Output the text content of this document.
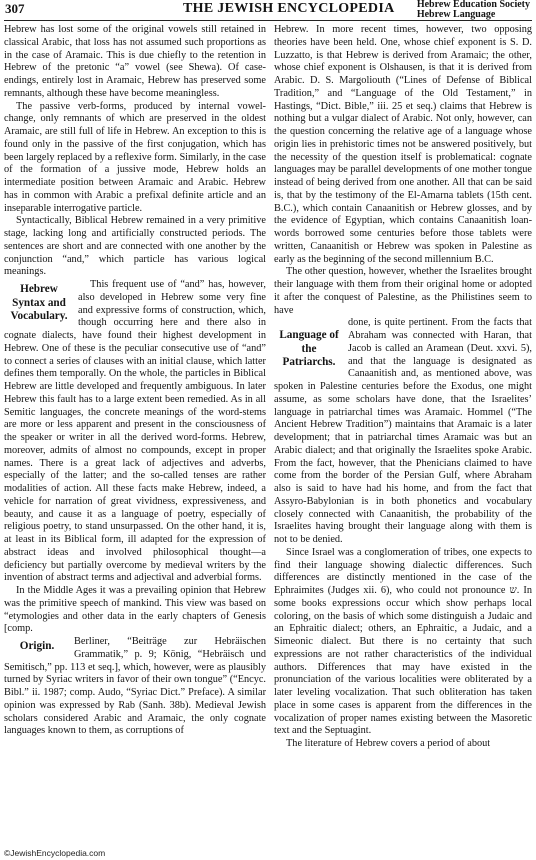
307	THE JEWISH ENCYCLOPEDIA Hebrew Education Society
Hebrew Language

Hebrew has lost some of the original vowels still retained in classical Arabic, that loss has not assumed such proportions as in the case of Aramaic. This is due chiefly to the retention in Hebrew of the pretonic “a” vowel (see Shewa). Of case-endings, entirely lost in Aramaic, Hebrew has preserved some remnants, although these have become meaningless.

The passive verb-forms, produced by internal vowel-change, only remnants of which are preserved in the oldest Aramaic, are still full of life in Hebrew. An exception to this is found only in the passive of the first conjugation, which has been largely replaced by a reflexive form. Similarly, in the case of the formation of a jussive mode, Hebrew holds an intermediate position between Aramaic and Arabic. Hebrew has in common with Arabic a prefixal definite article and an inseparable interrogative particle.

Syntactically, Biblical Hebrew remained in a very primitive stage, lacking long and artificially constructed periods. The sentences are short and are connected with one another by the conjunction “and,” which particle has various logical meanings.

Hebrew Syntax and Vocabulary.

This frequent use of “and” has, however, also developed in Hebrew some very fine and expressive forms of construction, which, though occurring here and there also in cognate dialects, have found their highest development in Hebrew. One of these is the peculiar consecutive use of “and” to connect a series of clauses with an initial clause, which latter defines them temporally. On the whole, the particles in Biblical Hebrew are little developed and frequently ambiguous. In later Hebrew this fault has to a large extent been remedied. As in all Semitic languages, the concrete meanings of the word-stems are more or less apparent and present in the consciousness of the speaker or writer in all the derived word-forms. Hebrew, moreover, admits of almost no compounds, except in proper names. There is a great lack of adjectives and adverbs, especially of the latter; and the so-called tenses are rather modalities of action. All these facts make Hebrew, indeed, a vehicle for narration of great vividness, expressiveness, and beauty, and cause it as a language of poetry, especially of religious poetry, to stand unsurpassed. On the other hand, it is, at least in its Biblical form, ill adapted for the expression of abstract ideas and involved philosophical thought—a deficiency but partially overcome by medieval writers by the invention of abstract terms and adjectival and adverbial forms.

In the Middle Ages it was a prevailing opinion that Hebrew was the primitive speech of mankind. This view was based on “etymologies and other data in the early chapters of Genesis [comp.

Origin.	Berliner, “Beiträge zur Hebräischen Grammatik,” p. 9; König, “Hebräisch und Semitisch,” pp. 113 et seq.], which, however, were as plausibly turned by Syriac writers in favor of their own tongue” (“Encyc. Bibl.” ii. 1987; comp. Audo, “Syriac Dict.” Preface). A similar opinion was expressed by Rab (Sanh. 38b). Medieval Jewish scholars considered Arabic and Aramaic, the only cognate languages known to them, as corruptions of

Hebrew. In more recent times, however, two opposing theories have been held. One, whose chief exponent is S. D. Luzzatto, is that Hebrew is derived from Aramaic; the other, whose chief exponent is Olshausen, is that it is derived from Arabic. D. S. Margoliouth (“Lines of Defense of Biblical Tradition,” and “Language of the Old Testament,” in Hastings, “Dict. Bible,” iii. 25 et seq.) claims that Hebrew is nothing but a vulgar dialect of Arabic. Not only, however, can the question concerning the relative age of a language whose origin lies in prehistoric times not be answered positively, but the necessity of the question itself is problematical: cognate languages may be parallel developments of one mother tongue instead of being derived from one another. All that can be said is, that by the testimony of the El-Amarna tablets (15th cent. B.C.), which contain Canaanitish or Hebrew glosses, and by the evidence of Egyptian, which contains Canaanitish loan-words borrowed some centuries before those tablets were written, Canaanitish or Hebrew was spoken in Palestine as early as the beginning of the second millennium B.C.

The other question, however, whether the Israelites brought their language with them from their original home or adopted it after the conquest of Palestine, as the Philistines seem to have

Language of the Patriarchs.

done, is quite pertinent. From the facts that Abraham was connected with Haran, that Jacob is called an Aramean (Deut. xxvi. 5), and that the language is designated as Canaanitish and, as mentioned above, was spoken in Palestine centuries before the Exodus, one might assume, as some scholars have done, that the Israelites’ language in patriarchal times was Aramaic. Hommel (“The Ancient Hebrew Tradition”) maintains that Aramaic is a later development; that in patriarchal times Aramaic was but an Arabic dialect; and that originally the Israelites spoke Arabic. From the fact, however, that the Phenicians claimed to have come from the border of the Persian Gulf, where Abraham also is said to have had his home, and from the fact that Assyro-Babylonian is in both phonetics and vocabulary closely connected with Canaanitish, the probability of the Israelites having brought their language along with them is not to be denied.

Since Israel was a conglomeration of tribes, one expects to find their language showing dialectic differences. Such differences are distinctly mentioned in the case of the Ephraimites (Judges xii. 6), who could not pronounce ש. In some books expressions occur which show perhaps local coloring, on the basis of which some distinguish a Judaic and an Ephraitic dialect; others, an Ephraitic, a Judaic, and a Simeonic dialect. But there is no certainty that such expressions are not rather characteristics of the individual authors. Differences that may have existed in the pronunciation of the various localities were obliterated by a later leveling vocalization. That such obliteration has taken place in some cases is apparent from the differences in the vocalization of proper names existing between the Masoretic text and the Septuagint.

The literature of Hebrew covers a period of about

©JewishEncyclopedia.com
